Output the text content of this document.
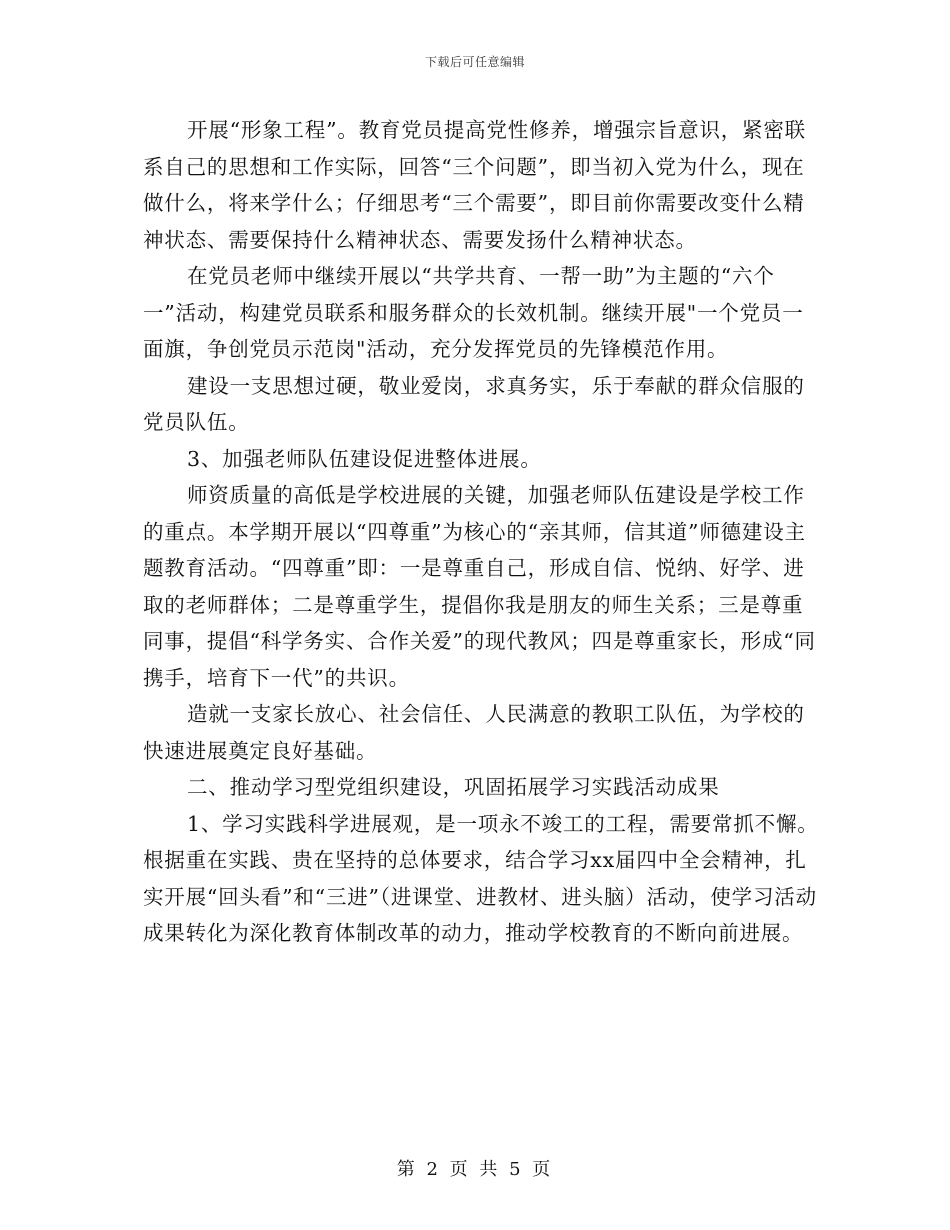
下载后可任意编辑

开展“形象工程”。教育党员提高党性修养，增强宗旨意识，紧密联系自己的思想和工作实际，回答“三个问题”，即当初入党为什么，现在做什么，将来学什么；仔细思考“三个需要”，即目前你需要改变什么精神状态、需要保持什么精神状态、需要发扬什么精神状态。

在党员老师中继续开展以“共学共育、一帮一助”为主题的“六个一”活动，构建党员联系和服务群众的长效机制。继续开展"一个党员一面旗，争创党员示范岗"活动，充分发挥党员的先锋模范作用。

建设一支思想过硬，敬业爱岗，求真务实，乐于奉献的群众信服的党员队伍。

3、加强老师队伍建设促进整体进展。

师资质量的高低是学校进展的关键，加强老师队伍建设是学校工作的重点。本学期开展以“四尊重”为核心的“亲其师，信其道”师德建设主题教育活动。“四尊重”即：一是尊重自己，形成自信、悦纳、好学、进取的老师群体；二是尊重学生，提倡你我是朋友的师生关系；三是尊重同事，提倡“科学务实、合作关爱”的现代教风；四是尊重家长，形成“同携手，培育下一代”的共识。

造就一支家长放心、社会信任、人民满意的教职工队伍，为学校的快速进展奠定良好基础。

二、推动学习型党组织建设，巩固拓展学习实践活动成果

1、学习实践科学进展观，是一项永不竣工的工程，需要常抓不懈。根据重在实践、贵在坚持的总体要求，结合学习xx届四中全会精神，扎实开展“回头看”和“三进”（进课堂、进教材、进头脑）活动，使学习活动成果转化为深化教育体制改革的动力，推动学校教育的不断向前进展。

第 2 页 共 5 页
